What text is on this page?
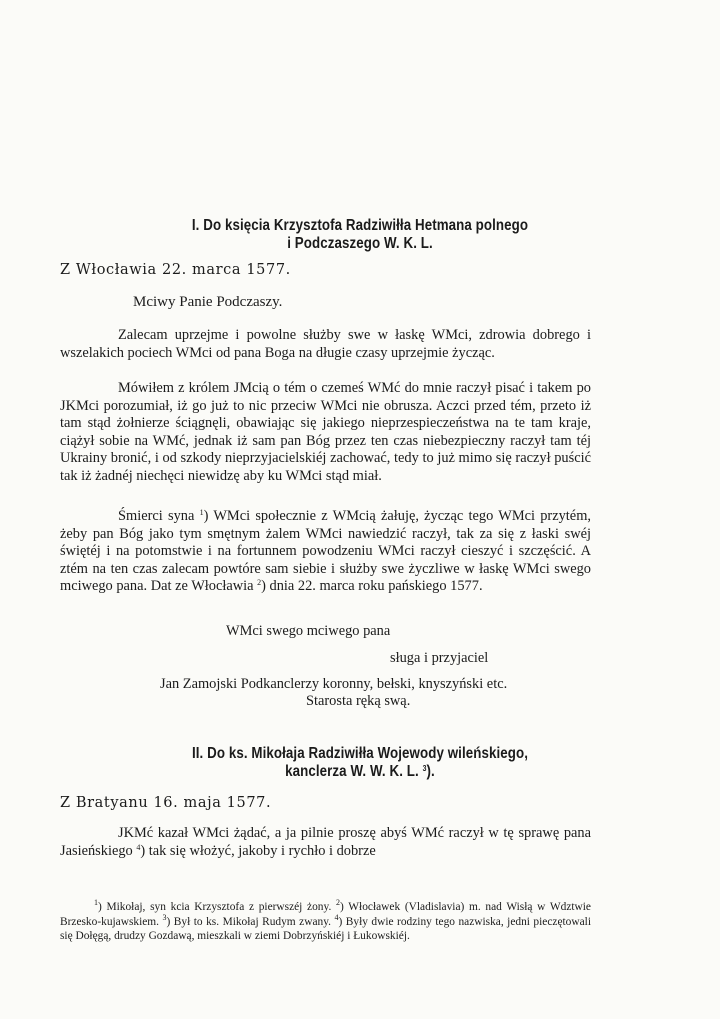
I. Do księcia Krzysztofa Radziwiłła Hetmana polnego
i Podczaszego W. K. L.
Z Włocławia 22. marca 1577.
Mciwy Panie Podczaszy.

Zalecam uprzejme i powolne służby swe w łaskę WMci, zdrowia dobrego i wszelakich pociech WMci od pana Boga na długie czasy uprzejmie życząc.

Mówiłem z królem JMcią o tém o czemeś WMć do mnie raczył pisać i takem po JKMci porozumiał, iż go już to nic przeciw WMci nie obrusza. Aczci przed tém, przeto iż tam stąd żołnierze ściągnęli, obawiając się jakiego nieprzespieczeństwa na te tam kraje, ciążył sobie na WMć, jednak iż sam pan Bóg przez ten czas niebezpieczny raczył tam téj Ukrainy bronić, i od szkody nieprzyjacielskiéj zachować, tedy to już mimo się raczył puścić tak iż żadnéj niechęci niewidzę aby ku WMci stąd miał.

Śmierci syna $^1$) WMci społecznie z WMcią żałuję, życząc tego WMci przytém, żeby pan Bóg jako tym smętnym żalem WMci nawiedzić raczył, tak za się z łaski swéj świętéj i na potomstwie i na fortunnem powodzeniu WMci raczył cieszyć i szczęścić. A ztém na ten czas zalecam powtóre sam siebie i służby swe życzliwe w łaskę WMci swego mciwego pana. Dat ze Włocławia $^2$) dnia 22. marca roku pańskiego 1577.

WMci swego mciwego pana
sługa i przyjaciel
Jan Zamojski Podkanclerzy koronny, bełski, knyszyński etc.
Starosta ręką swą.
II. Do ks. Mikołaja Radziwiłła Wojewody wileńskiego,
kanclerza W. W. K. L. $^3$).
Z Bratyanu 16. maja 1577.

JKMć kazał WMci żądać, a ja pilnie proszę abyś WMć raczył w tę sprawę pana Jasieńskiego $^4$) tak się włożyć, jakoby i rychło i dobrze

$^1$) Mikołaj, syn kcia Krzysztofa z pierwszéj żony. $^2$) Włocławek (Vladislavia) m. nad Wisłą w Wdztwie Brzesko-kujawskiem. $^3$) Był to ks. Mikołaj Rudym zwany. $^4$) Były dwie rodziny tego nazwiska, jedni pieczętowali się Dołęgą, drudzy Gozdawą, mieszkali w ziemi Dobrzyńskiéj i Łukowskiéj.
